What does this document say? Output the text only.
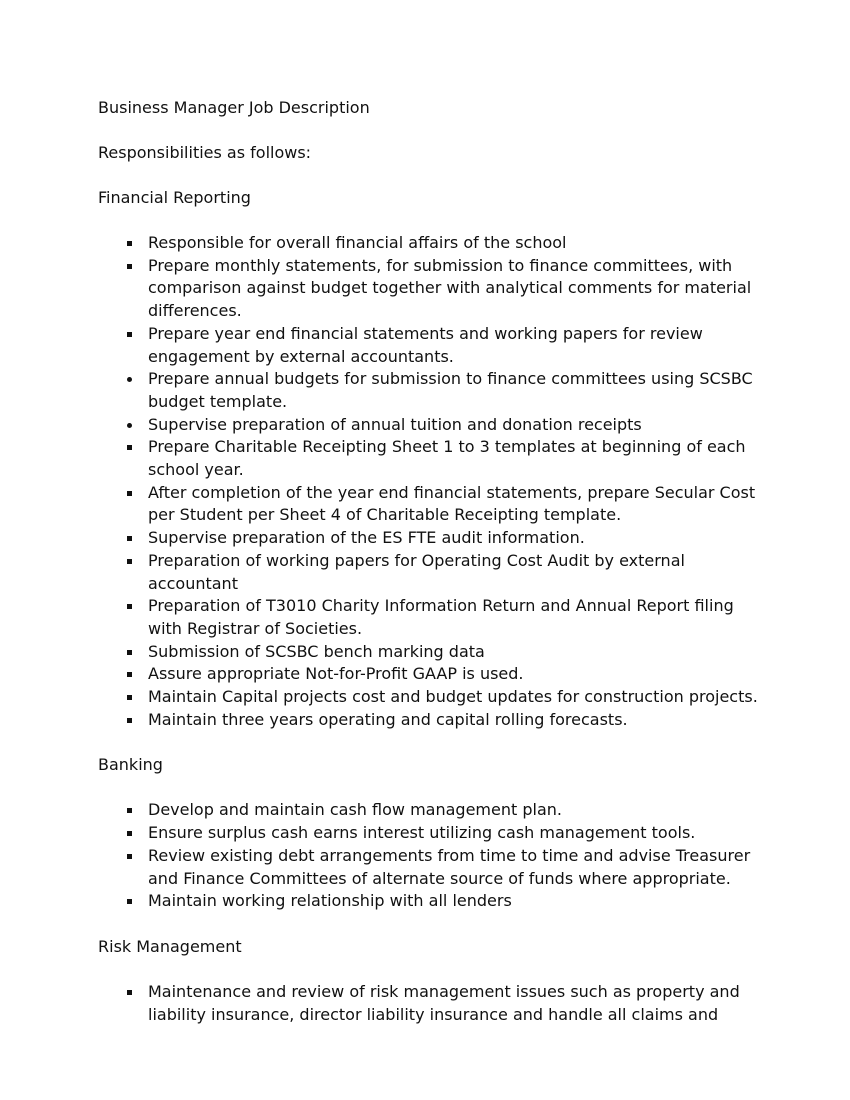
Business Manager Job Description

Responsibilities as follows:

Financial Reporting

Responsible for overall financial affairs of the school
Prepare monthly statements, for submission to finance committees, with comparison against budget together with analytical comments for material differences.
Prepare year end financial statements and working papers for review engagement by external accountants.
Prepare annual budgets for submission to finance committees using SCSBC budget template.
Supervise preparation of annual tuition and donation receipts
Prepare Charitable Receipting Sheet 1 to 3 templates at beginning of each school year.
After completion of the year end financial statements, prepare Secular Cost per Student per Sheet 4 of Charitable Receipting template.
Supervise preparation of the ES FTE audit information.
Preparation of working papers for Operating Cost Audit by external accountant
Preparation of T3010 Charity Information Return and Annual Report filing with Registrar of Societies.
Submission of SCSBC bench marking data
Assure appropriate Not-for-Profit GAAP is used.
Maintain Capital projects cost and budget updates for construction projects.
Maintain three years operating and capital rolling forecasts.

Banking

Develop and maintain cash flow management plan.
Ensure surplus cash earns interest utilizing cash management tools.
Review existing debt arrangements from time to time and advise Treasurer and Finance Committees of alternate source of funds where appropriate.
Maintain working relationship with all lenders

Risk Management

Maintenance and review of risk management issues such as property and liability insurance, director liability insurance and handle all claims and
